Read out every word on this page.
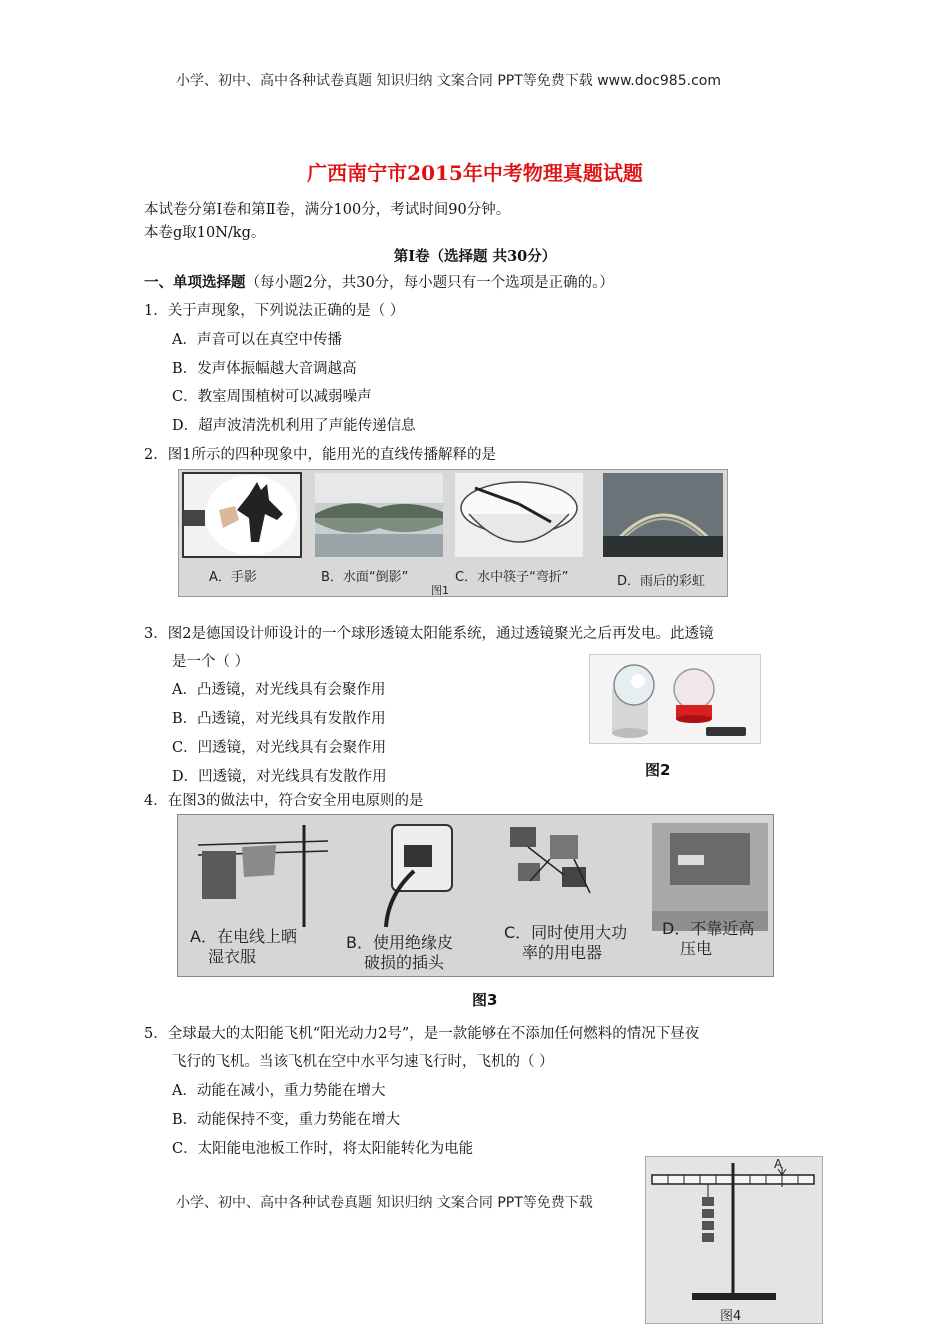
小学、初中、高中各种试卷真题 知识归纳 文案合同 PPT等免费下载 www.doc985.com
广西南宁市2015年中考物理真题试题
本试卷分第Ⅰ卷和第Ⅱ卷，满分100分，考试时间90分钟。
本卷g取10N/kg。
第Ⅰ卷（选择题 共30分）
一、单项选择题（每小题2分，共30分，每小题只有一个选项是正确的。）
1．关于声现象，下列说法正确的是（ ）
A．声音可以在真空中传播
B．发声体振幅越大音调越高
C．教室周围植树可以减弱噪声
D．超声波清洗机利用了声能传递信息
2．图1所示的四种现象中，能用光的直线传播解释的是
A．手影	B．水面“倒影”	C．水中筷子“弯折”	D．雨后的彩虹
图1
3．图2是德国设计师设计的一个球形透镜太阳能系统，通过透镜聚光之后再发电。此透镜
是一个（ ）
A．凸透镜，对光线具有会聚作用
B．凸透镜，对光线具有发散作用
C．凹透镜，对光线具有会聚作用
D．凹透镜，对光线具有发散作用	图2
4．在图3的做法中，符合安全用电原则的是
A．在电线上晒
湿衣服
B．使用绝缘皮
破损的插头
C．同时使用大功
率的用电器
D．不靠近高
压电
图3
5．全球最大的太阳能飞机“阳光动力2号”，是一款能够在不添加任何燃料的情况下昼夜
飞行的飞机。当该飞机在空中水平匀速飞行时，飞机的（ ）
A．动能在减小，重力势能在增大
B．动能保持不变，重力势能在增大
C．太阳能电池板工作时，将太阳能转化为电能
A
图4
小学、初中、高中各种试卷真题 知识归纳 文案合同 PPT等免费下载
